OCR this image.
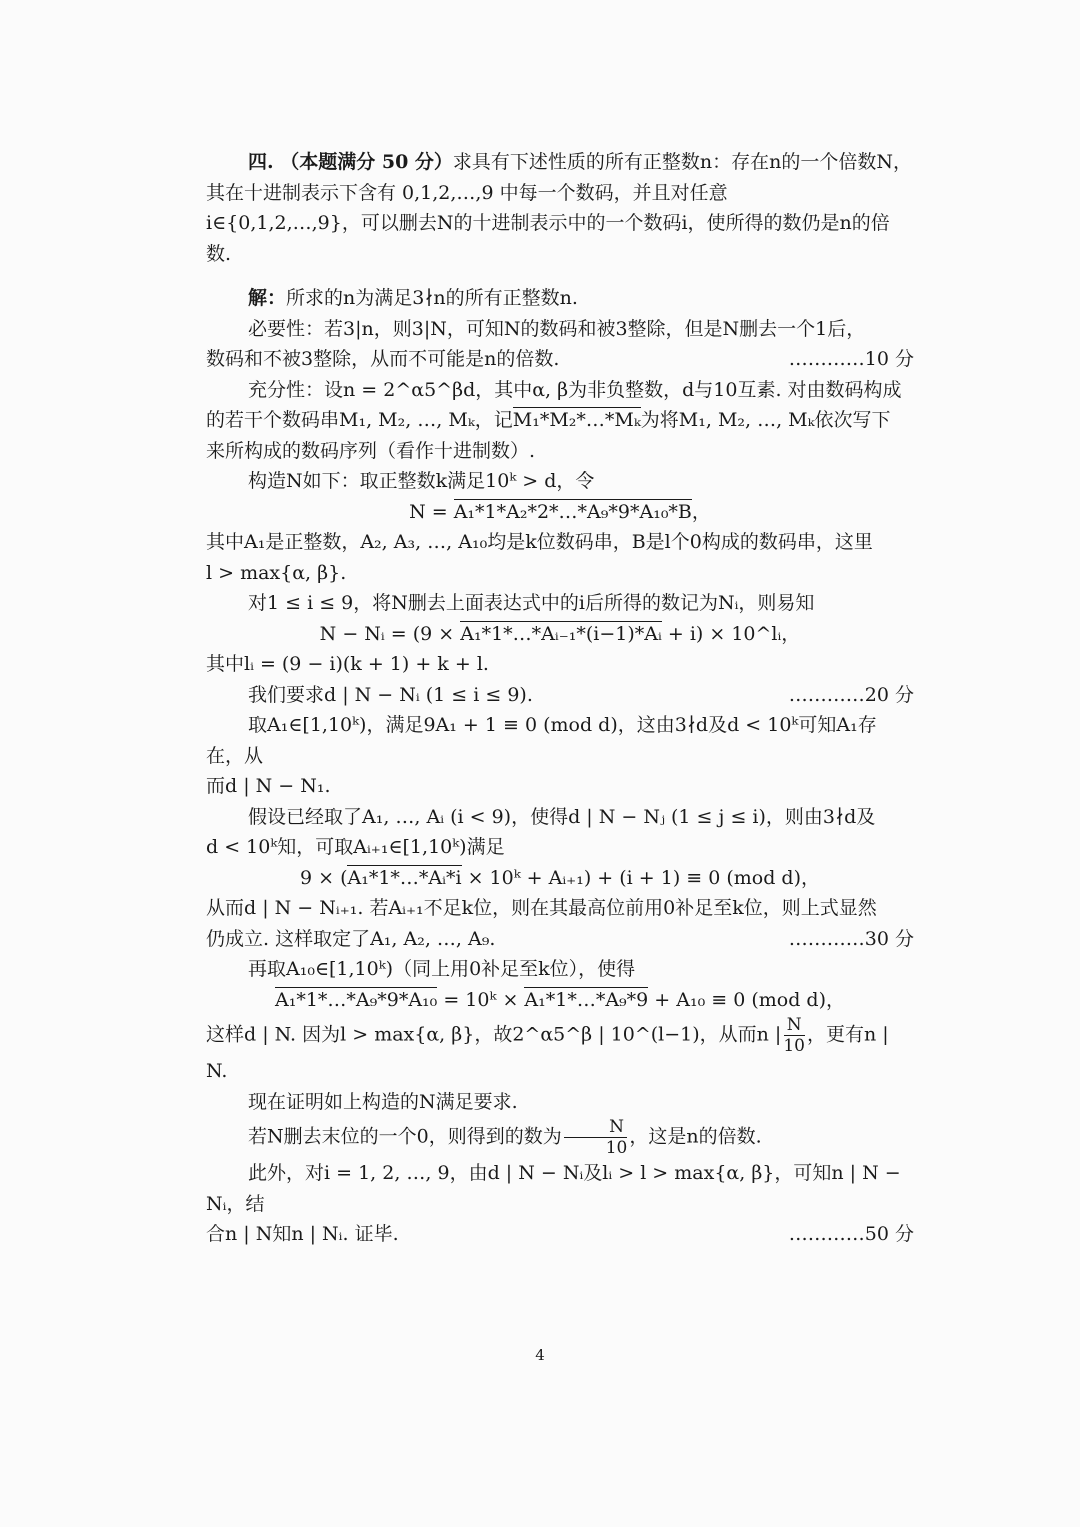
四. （本题满分 50 分）求具有下述性质的所有正整数n：存在n的一个倍数N，其在十进制表示下含有 0,1,2,…,9 中每一个数码，并且对任意

i∈{0,1,2,…,9}，可以删去N的十进制表示中的一个数码i，使所得的数仍是n的倍数.

解：所求的n为满足3∤n的所有正整数n.

必要性：若3|n，则3|N，可知N的数码和被3整除，但是N删去一个1后，

数码和不被3整除，从而不可能是n的倍数.	…………10 分

充分性：设n = 2^α5^βd，其中α, β为非负整数，d与10互素. 对由数码构成

的若干个数码串M₁, M₂, …, Mₖ，记M₁*M₂*…*Mₖ为将M₁, M₂, …, Mₖ依次写下

来所构成的数码序列（看作十进制数）.

构造N如下：取正整数k满足10ᵏ > d，令

N = A₁*1*A₂*2*…*A₉*9*A₁₀*B，

其中A₁是正整数，A₂, A₃, …, A₁₀均是k位数码串，B是l个0构成的数码串，这里

l > max{α, β}.

对1 ≤ i ≤ 9，将N删去上面表达式中的i后所得的数记为Nᵢ，则易知

N − Nᵢ = (9 × A₁*1*…*Aᵢ₋₁*(i−1)*Aᵢ + i) × 10^lᵢ，

其中lᵢ = (9 − i)(k + 1) + k + l.

我们要求d | N − Nᵢ (1 ≤ i ≤ 9).	…………20 分

取A₁∈[1,10ᵏ)，满足9A₁ + 1 ≡ 0 (mod d)，这由3∤d及d < 10ᵏ可知A₁存在，从

而d | N − N₁.

假设已经取了A₁, …, Aᵢ (i < 9)，使得d | N − Nⱼ (1 ≤ j ≤ i)，则由3∤d及

d < 10ᵏ知，可取Aᵢ₊₁∈[1,10ᵏ)满足

9 × (A₁*1*…*Aᵢ*i × 10ᵏ + Aᵢ₊₁) + (i + 1) ≡ 0 (mod d)，

从而d | N − Nᵢ₊₁. 若Aᵢ₊₁不足k位，则在其最高位前用0补足至k位，则上式显然

仍成立. 这样取定了A₁, A₂, …, A₉.	…………30 分

再取A₁₀∈[1,10ᵏ)（同上用0补足至k位），使得

A₁*1*…*A₉*9*A₁₀ = 10ᵏ × A₁*1*…*A₉*9 + A₁₀ ≡ 0 (mod d)，

这样d | N. 因为l > max{α, β}，故2^α5^β | 10^(l−1)，从而n | $\frac{N}{10}$ ，更有n | N.

现在证明如上构造的N满足要求.

若N删去末位的一个0，则得到的数为 $\frac{N}{10}$ ，这是n的倍数.

此外，对i = 1, 2, …, 9，由d | N − Nᵢ及lᵢ > l > max{α, β}，可知n | N − Nᵢ，结

合n | N知n | Nᵢ. 证毕.	…………50 分
4
